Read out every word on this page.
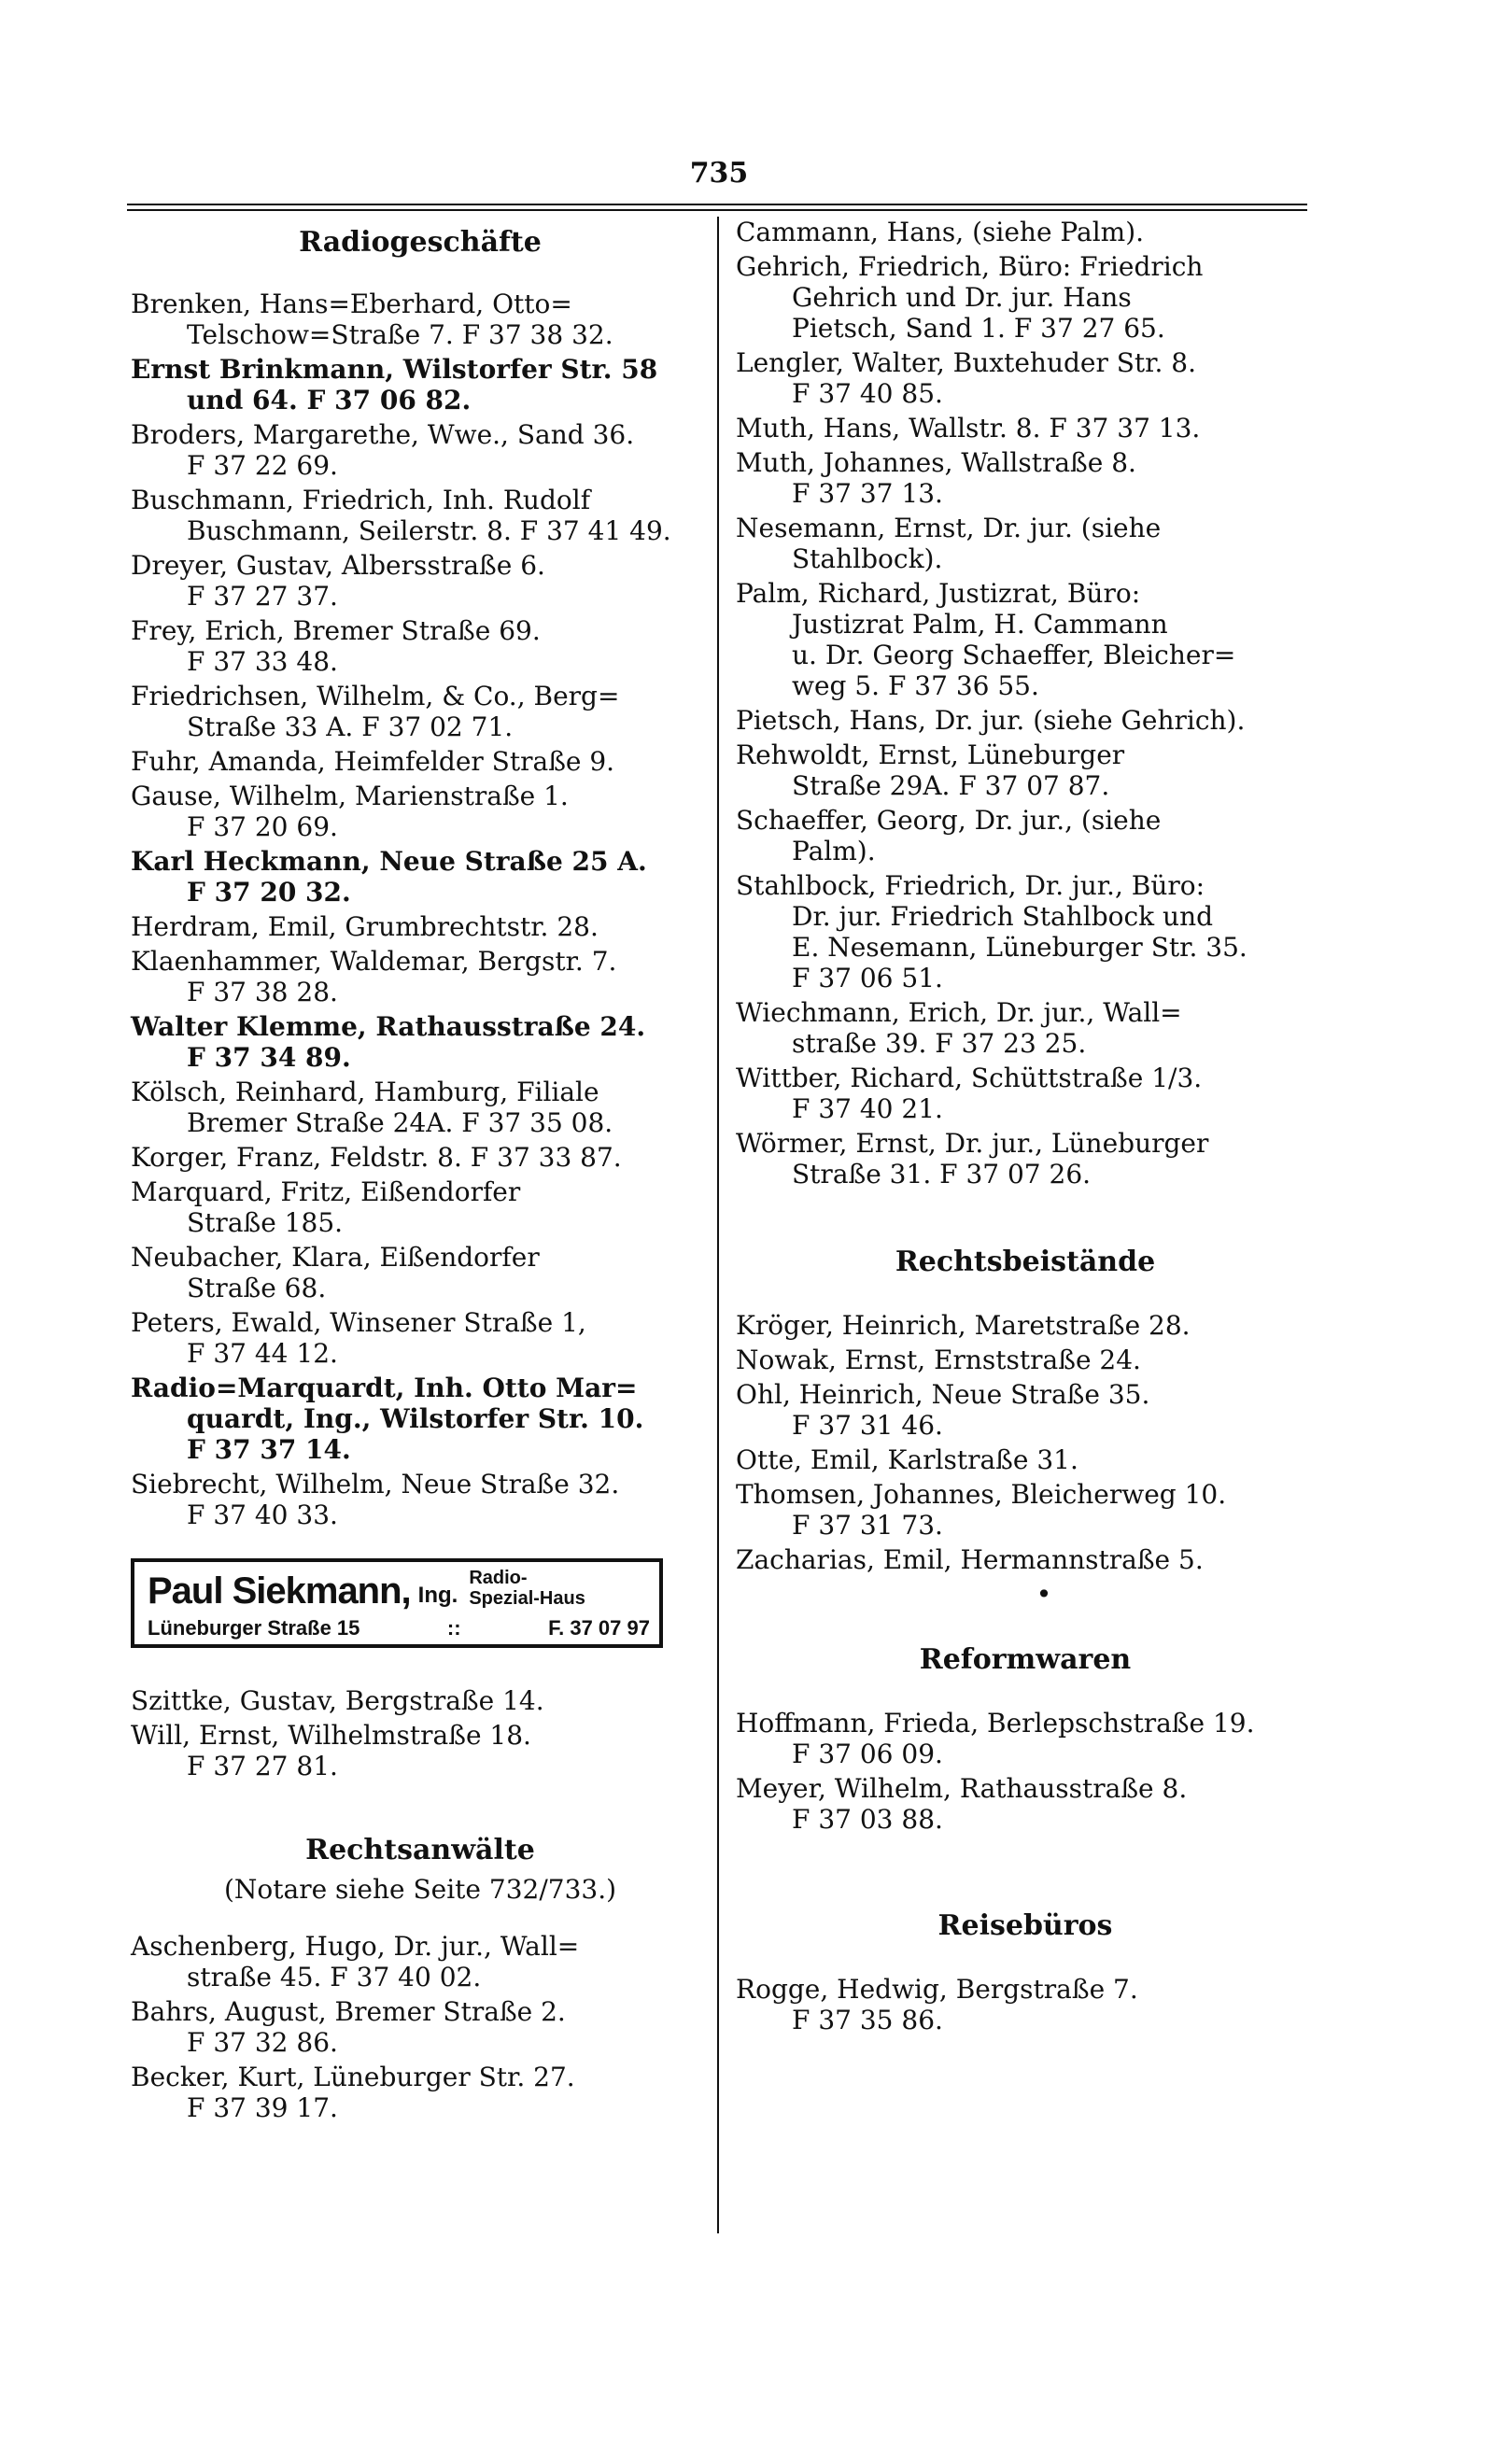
735
Radiogeschäfte
Brenken, Hans=Eberhard, Otto=
Telschow=Straße 7. F 37 38 32.
Ernst Brinkmann, Wilstorfer Str. 58
und 64. F 37 06 82.
Broders, Margarethe, Wwe., Sand 36.
F 37 22 69.
Buschmann, Friedrich, Inh. Rudolf
Buschmann, Seilerstr. 8. F 37 41 49.
Dreyer, Gustav, Albersstraße 6.
F 37 27 37.
Frey, Erich, Bremer Straße 69.
F 37 33 48.
Friedrichsen, Wilhelm, & Co., Berg=
Straße 33 A. F 37 02 71.
Fuhr, Amanda, Heimfelder Straße 9.
Gause, Wilhelm, Marienstraße 1.
F 37 20 69.
Karl Heckmann, Neue Straße 25 A.
F 37 20 32.
Herdram, Emil, Grumbrechtstr. 28.
Klaenhammer, Waldemar, Bergstr. 7.
F 37 38 28.
Walter Klemme, Rathausstraße 24.
F 37 34 89.
Kölsch, Reinhard, Hamburg, Filiale
Bremer Straße 24A. F 37 35 08.
Korger, Franz, Feldstr. 8. F 37 33 87.
Marquard, Fritz, Eißendorfer
Straße 185.
Neubacher, Klara, Eißendorfer
Straße 68.
Peters, Ewald, Winsener Straße 1,
F 37 44 12.
Radio=Marquardt, Inh. Otto Mar=
quardt, Ing., Wilstorfer Str. 10.
F 37 37 14.
Siebrecht, Wilhelm, Neue Straße 32.
F 37 40 33.
Paul Siekmann, Ing.
Radio-
Spezial-Haus
Lüneburger Straße 15	::	F. 37 07 97
Szittke, Gustav, Bergstraße 14.
Will, Ernst, Wilhelmstraße 18.
F 37 27 81.
Rechtsanwälte
(Notare siehe Seite 732/733.)
Aschenberg, Hugo, Dr. jur., Wall=
straße 45. F 37 40 02.
Bahrs, August, Bremer Straße 2.
F 37 32 86.
Becker, Kurt, Lüneburger Str. 27.
F 37 39 17.
Cammann, Hans, (siehe Palm).
Gehrich, Friedrich, Büro: Friedrich
Gehrich und Dr. jur. Hans
Pietsch, Sand 1. F 37 27 65.
Lengler, Walter, Buxtehuder Str. 8.
F 37 40 85.
Muth, Hans, Wallstr. 8. F 37 37 13.
Muth, Johannes, Wallstraße 8.
F 37 37 13.
Nesemann, Ernst, Dr. jur. (siehe
Stahlbock).
Palm, Richard, Justizrat, Büro:
Justizrat Palm, H. Cammann
u. Dr. Georg Schaeffer, Bleicher=
weg 5. F 37 36 55.
Pietsch, Hans, Dr. jur. (siehe Gehrich).
Rehwoldt, Ernst, Lüneburger
Straße 29A. F 37 07 87.
Schaeffer, Georg, Dr. jur., (siehe
Palm).
Stahlbock, Friedrich, Dr. jur., Büro:
Dr. jur. Friedrich Stahlbock und
E. Nesemann, Lüneburger Str. 35.
F 37 06 51.
Wiechmann, Erich, Dr. jur., Wall=
straße 39. F 37 23 25.
Wittber, Richard, Schüttstraße 1/3.
F 37 40 21.
Wörmer, Ernst, Dr. jur., Lüneburger
Straße 31. F 37 07 26.
Rechtsbeistände
Kröger, Heinrich, Maretstraße 28.
Nowak, Ernst, Ernststraße 24.
Ohl, Heinrich, Neue Straße 35.
F 37 31 46.
Otte, Emil, Karlstraße 31.
Thomsen, Johannes, Bleicherweg 10.
F 37 31 73.
Zacharias, Emil, Hermannstraße 5.
•
Reformwaren
Hoffmann, Frieda, Berlepschstraße 19.
F 37 06 09.
Meyer, Wilhelm, Rathausstraße 8.
F 37 03 88.
Reisebüros
Rogge, Hedwig, Bergstraße 7.
F 37 35 86.
